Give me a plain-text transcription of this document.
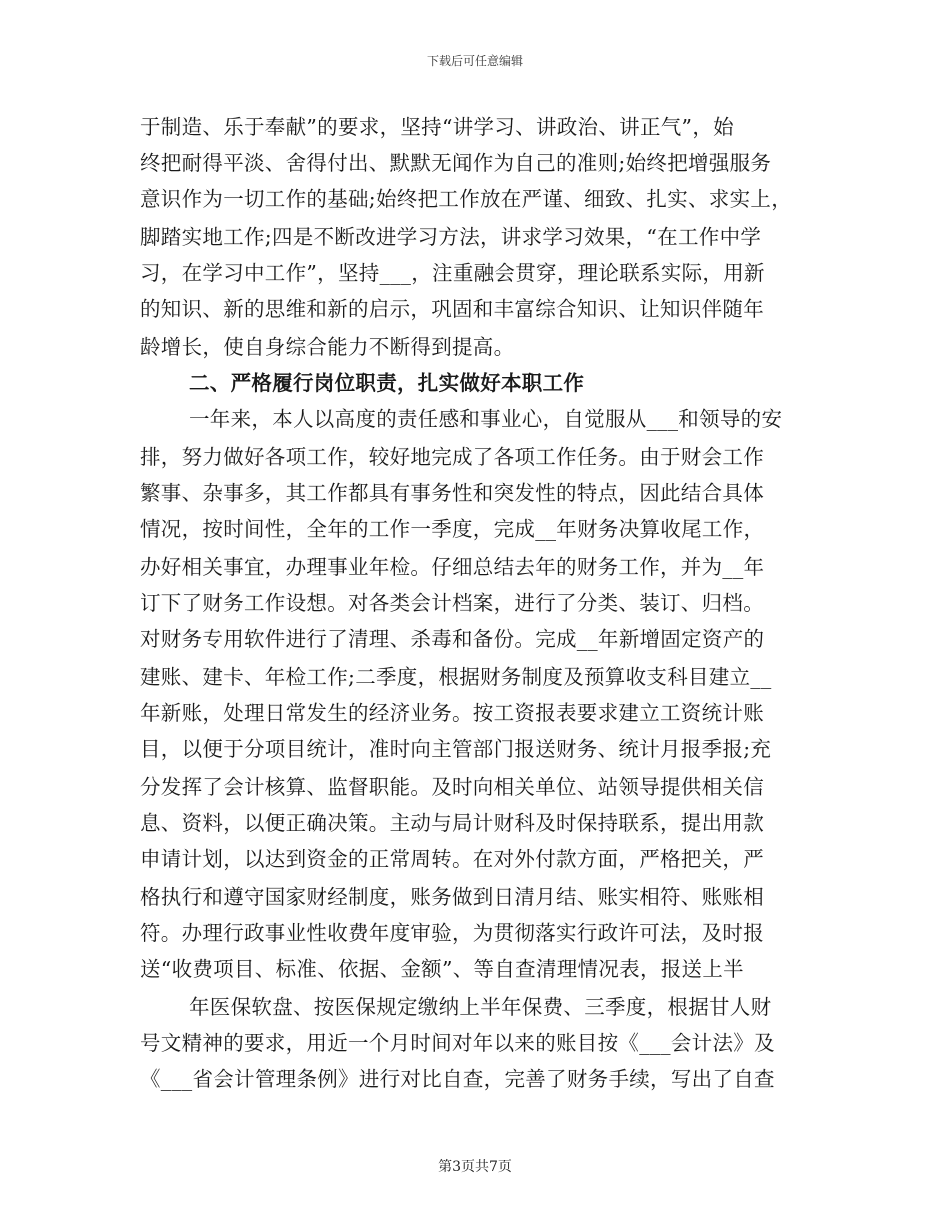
下载后可任意编辑
于制造、乐于奉献”的要求，坚持“讲学习、讲政治、讲正气”，始
终把耐得平淡、舍得付出、默默无闻作为自己的准则;始终把增强服务
意识作为一切工作的基础;始终把工作放在严谨、细致、扎实、求实上，
脚踏实地工作;四是不断改进学习方法，讲求学习效果，“在工作中学
习，在学习中工作”，坚持___，注重融会贯穿，理论联系实际，用新
的知识、新的思维和新的启示，巩固和丰富综合知识、让知识伴随年
龄增长，使自身综合能力不断得到提高。
二、严格履行岗位职责，扎实做好本职工作
一年来，本人以高度的责任感和事业心，自觉服从___和领导的安
排，努力做好各项工作，较好地完成了各项工作任务。由于财会工作
繁事、杂事多，其工作都具有事务性和突发性的特点，因此结合具体
情况，按时间性，全年的工作一季度，完成__年财务决算收尾工作，
办好相关事宜，办理事业年检。仔细总结去年的财务工作，并为__年
订下了财务工作设想。对各类会计档案，进行了分类、装订、归档。
对财务专用软件进行了清理、杀毒和备份。完成__年新增固定资产的
建账、建卡、年检工作;二季度，根据财务制度及预算收支科目建立__
年新账，处理日常发生的经济业务。按工资报表要求建立工资统计账
目，以便于分项目统计，准时向主管部门报送财务、统计月报季报;充
分发挥了会计核算、监督职能。及时向相关单位、站领导提供相关信
息、资料，以便正确决策。主动与局计财科及时保持联系，提出用款
申请计划，以达到资金的正常周转。在对外付款方面，严格把关，严
格执行和遵守国家财经制度，账务做到日清月结、账实相符、账账相
符。办理行政事业性收费年度审验，为贯彻落实行政许可法，及时报
送“收费项目、标准、依据、金额”、等自查清理情况表，报送上半
年医保软盘、按医保规定缴纳上半年保费、三季度，根据甘人财
号文精神的要求，用近一个月时间对年以来的账目按《___会计法》及
《___省会计管理条例》进行对比自查，完善了财务手续，写出了自查
第3页共7页
